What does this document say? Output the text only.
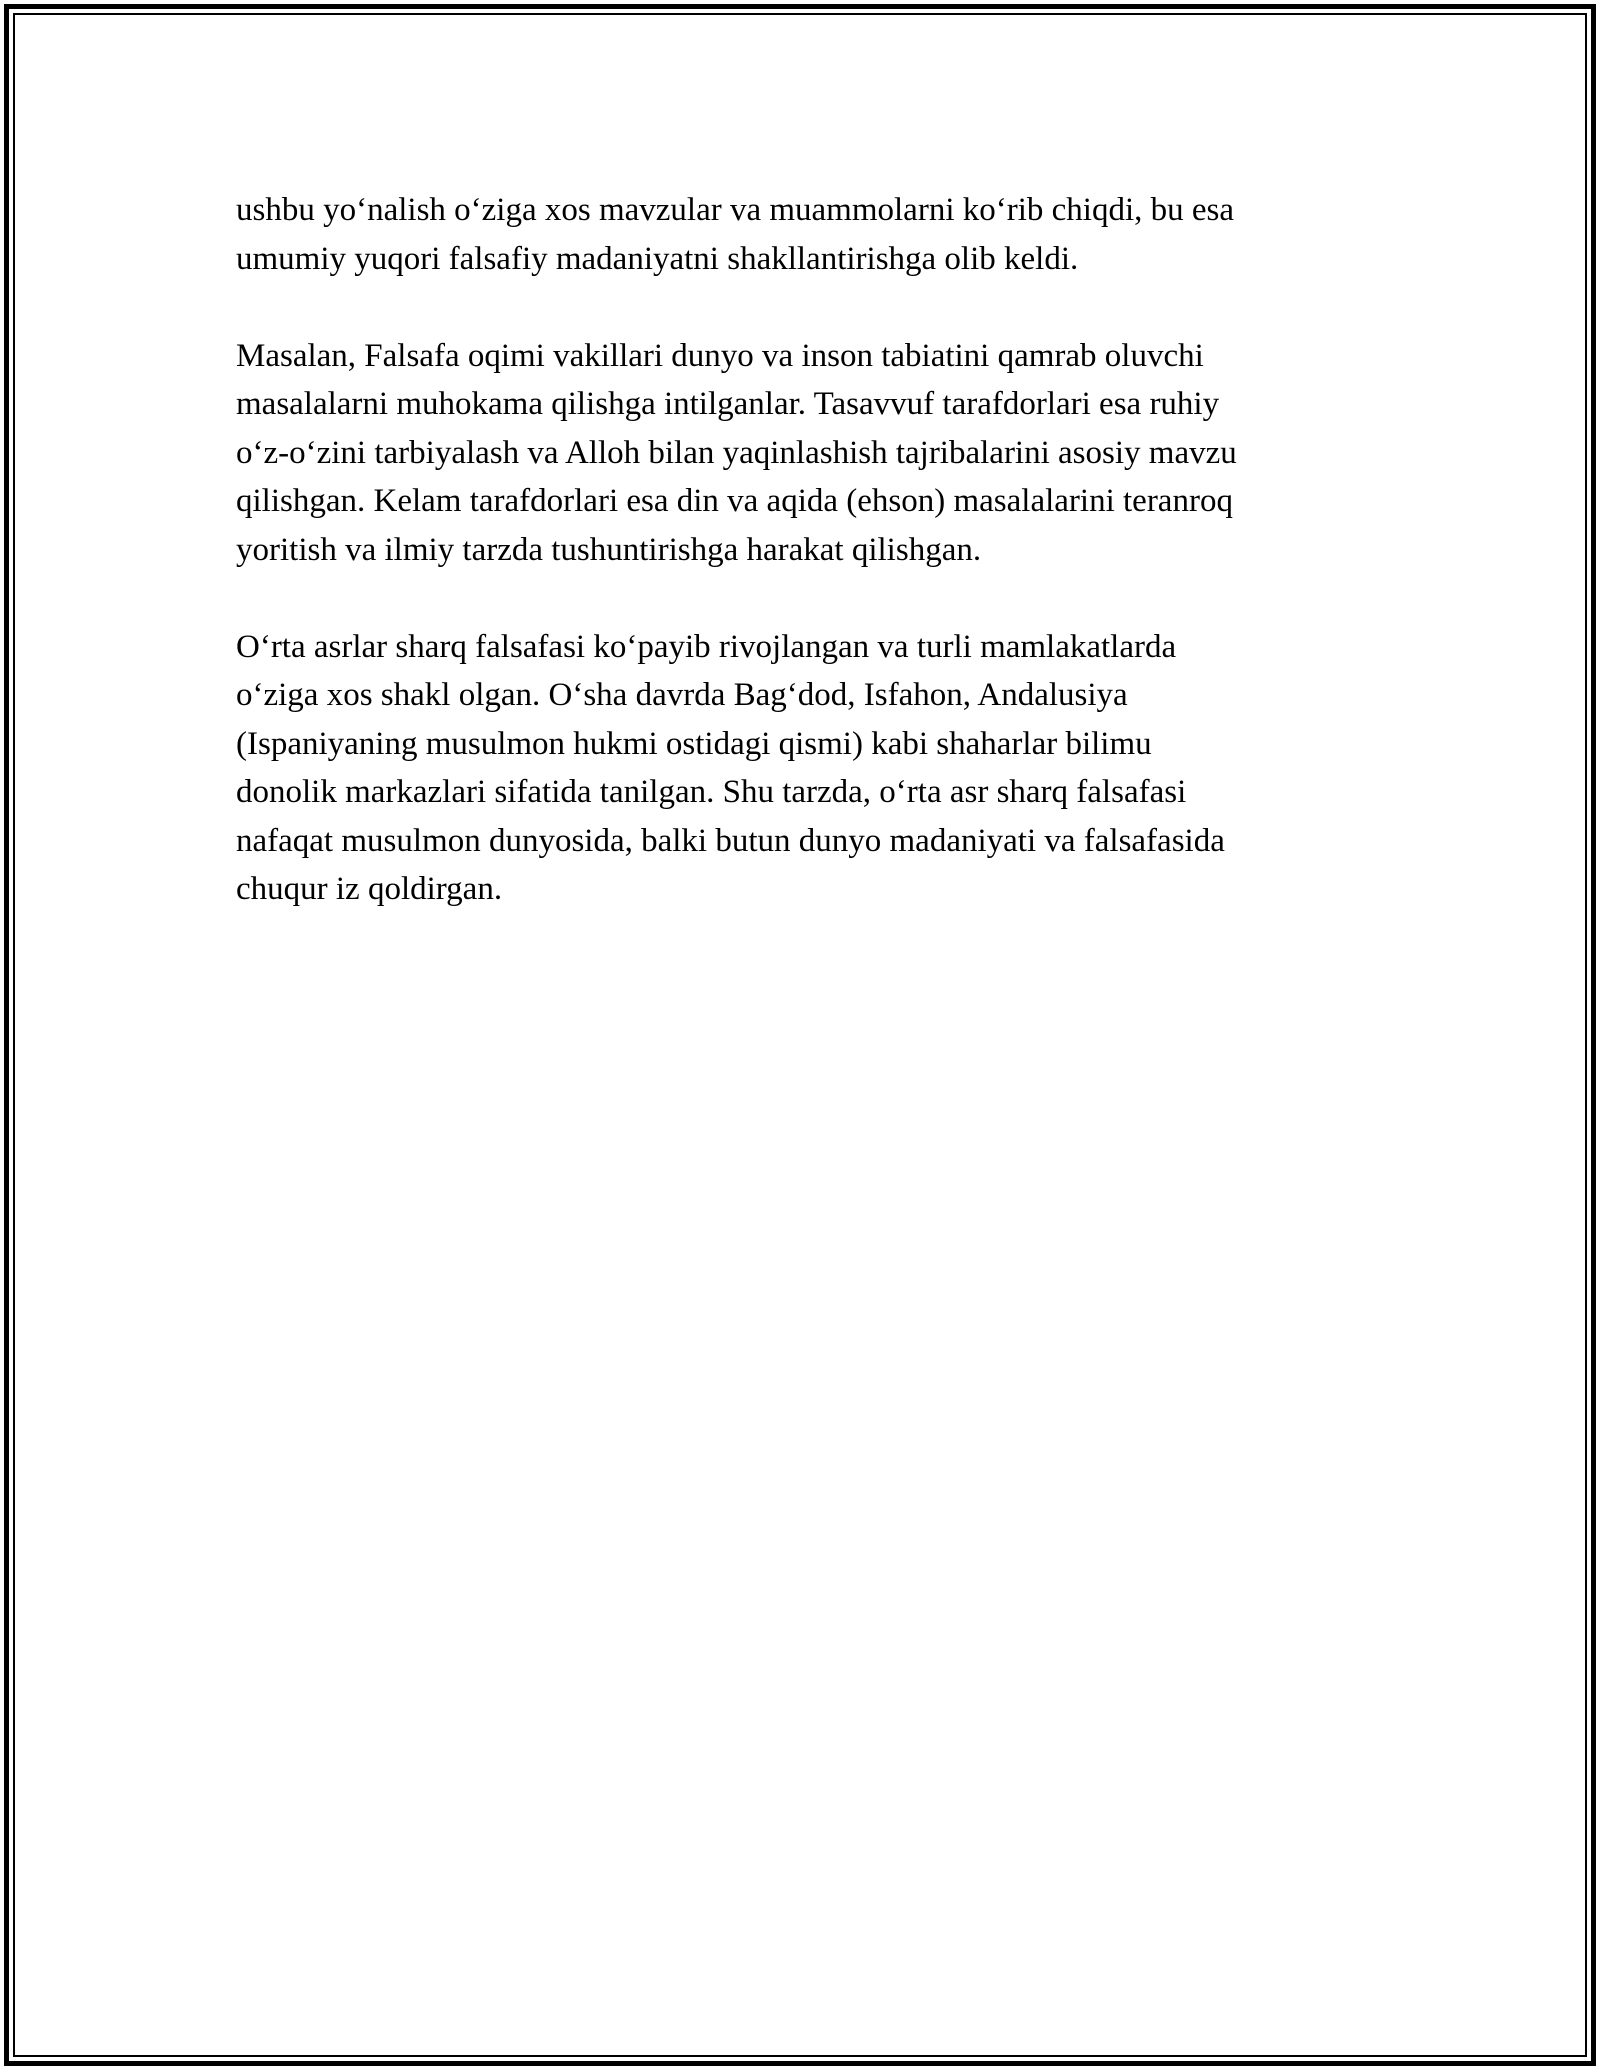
ushbu yo‘nalish o‘ziga xos mavzular va muammolarni ko‘rib chiqdi, bu esa
umumiy yuqori falsafiy madaniyatni shakllantirishga olib keldi.

Masalan, Falsafa oqimi vakillari dunyo va inson tabiatini qamrab oluvchi
masalalarni muhokama qilishga intilganlar. Tasavvuf tarafdorlari esa ruhiy
o‘z-o‘zini tarbiyalash va Alloh bilan yaqinlashish tajribalarini asosiy mavzu
qilishgan. Kelam tarafdorlari esa din va aqida (ehson) masalalarini teranroq
yoritish va ilmiy tarzda tushuntirishga harakat qilishgan.

O‘rta asrlar sharq falsafasi ko‘payib rivojlangan va turli mamlakatlarda
o‘ziga xos shakl olgan. O‘sha davrda Bag‘dod, Isfahon, Andalusiya
(Ispaniyaning musulmon hukmi ostidagi qismi) kabi shaharlar bilimu
donolik markazlari sifatida tanilgan. Shu tarzda, o‘rta asr sharq falsafasi
nafaqat musulmon dunyosida, balki butun dunyo madaniyati va falsafasida
chuqur iz qoldirgan.
